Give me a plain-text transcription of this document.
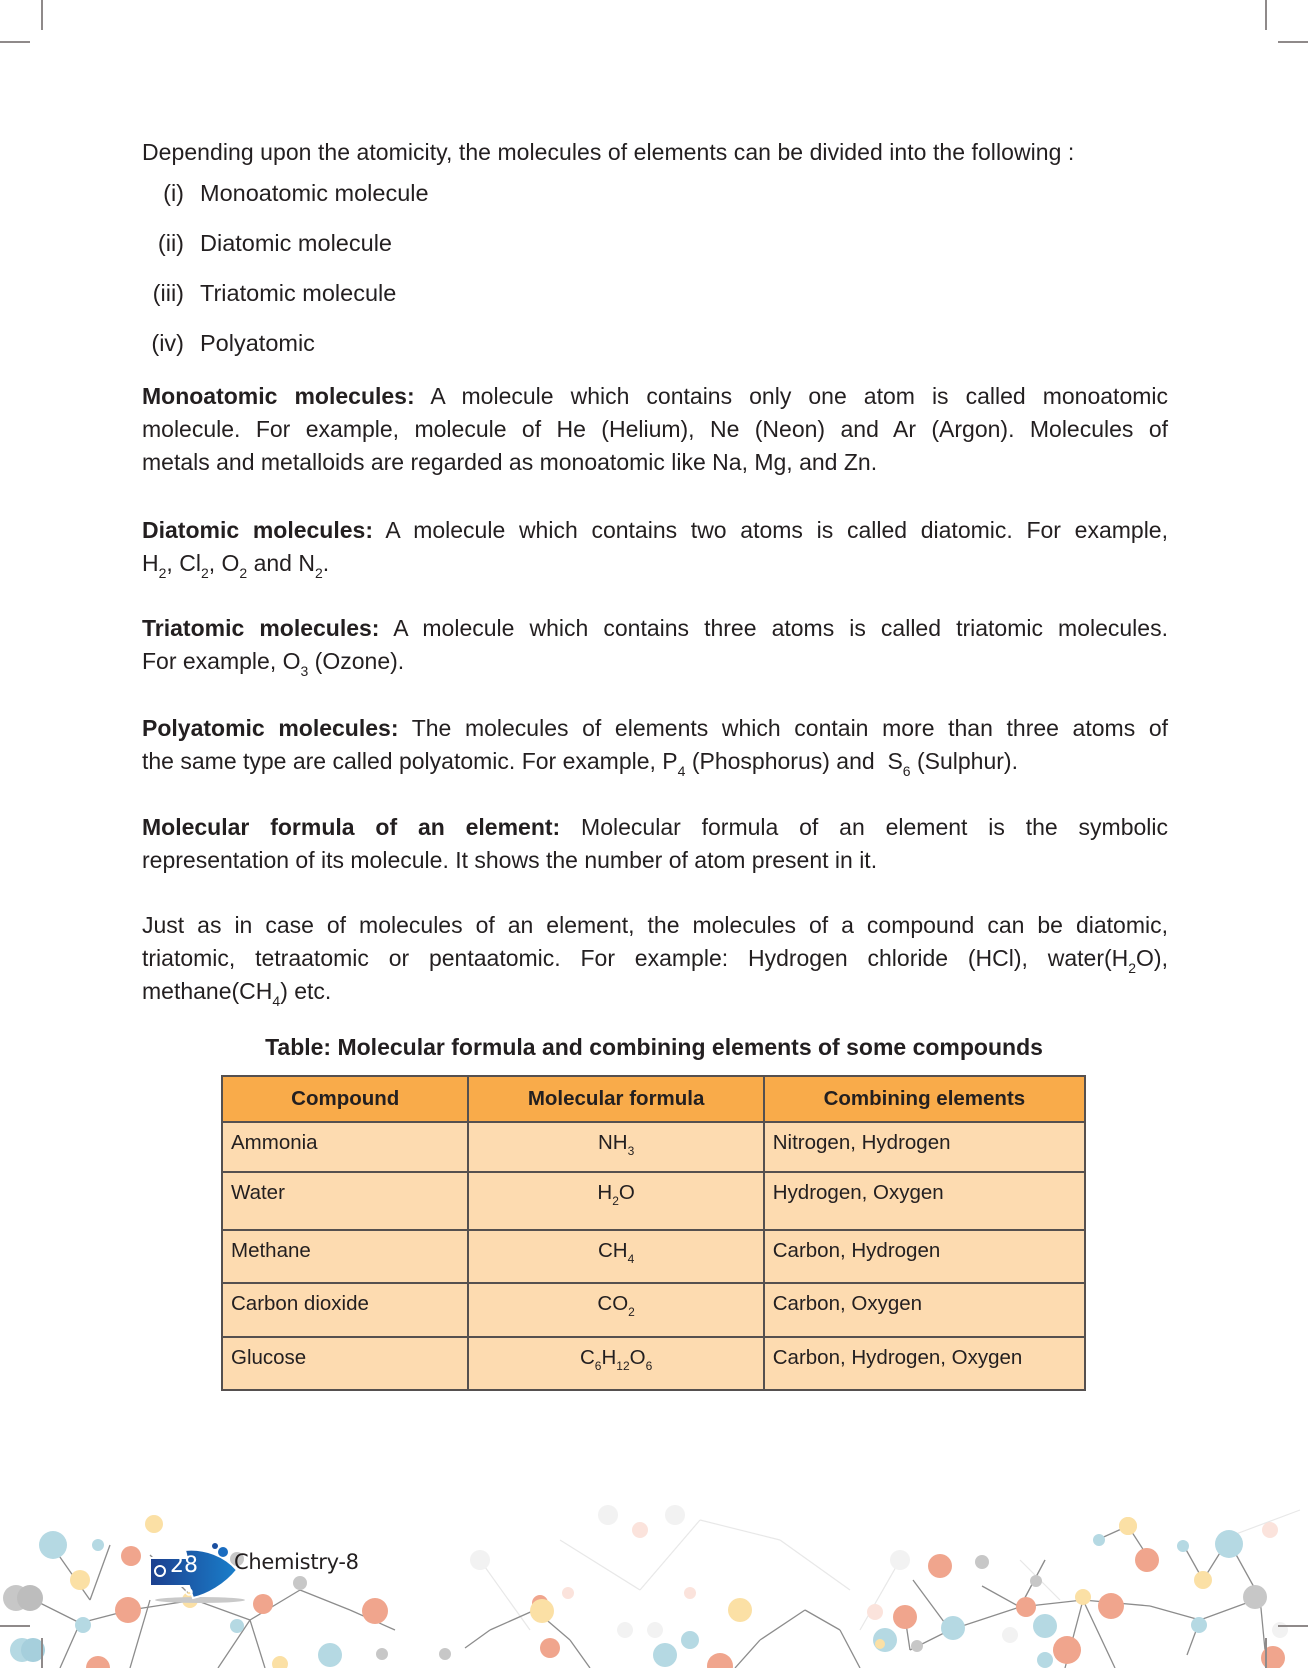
Depending upon the atomicity, the molecules of elements can be divided into the following :
(i) Monoatomic molecule
(ii) Diatomic molecule
(iii) Triatomic molecule
(iv) Polyatomic
Monoatomic molecules: A molecule which contains only one atom is called monoatomic
molecule. For example, molecule of He (Helium), Ne (Neon) and Ar (Argon). Molecules of
metals and metalloids are regarded as monoatomic like Na, Mg, and Zn.
Diatomic molecules: A molecule which contains two atoms is called diatomic. For example,
$H_2$, $Cl_2$, $O_2$ and $N_2$.
Triatomic molecules: A molecule which contains three atoms is called triatomic molecules.
For example, $O_3$ (Ozone).
Polyatomic molecules: The molecules of elements which contain more than three atoms of
the same type are called polyatomic. For example, $P_4$ (Phosphorus) and  $S_6$ (Sulphur).
Molecular formula of an element: Molecular formula of an element is the symbolic
representation of its molecule. It shows the number of atom present in it.
Just as in case of molecules of an element, the molecules of a compound can be diatomic,
triatomic, tetraatomic or pentaatomic. For example: Hydrogen chloride (HCl), $water(H_2O)$,
$methane(CH_4)$ etc.
Table: Molecular formula and combining elements of some compounds
Compound	Molecular formula	Combining elements
Ammonia	$NH_3$	Nitrogen, Hydrogen
Water	$H_2O$	Hydrogen, Oxygen
Methane	$CH_4$	Carbon, Hydrogen
Carbon dioxide	$CO_2$	Carbon, Oxygen
Glucose	$C_6H_{12}O_6$	Carbon, Hydrogen, Oxygen
28 Chemistry-8
